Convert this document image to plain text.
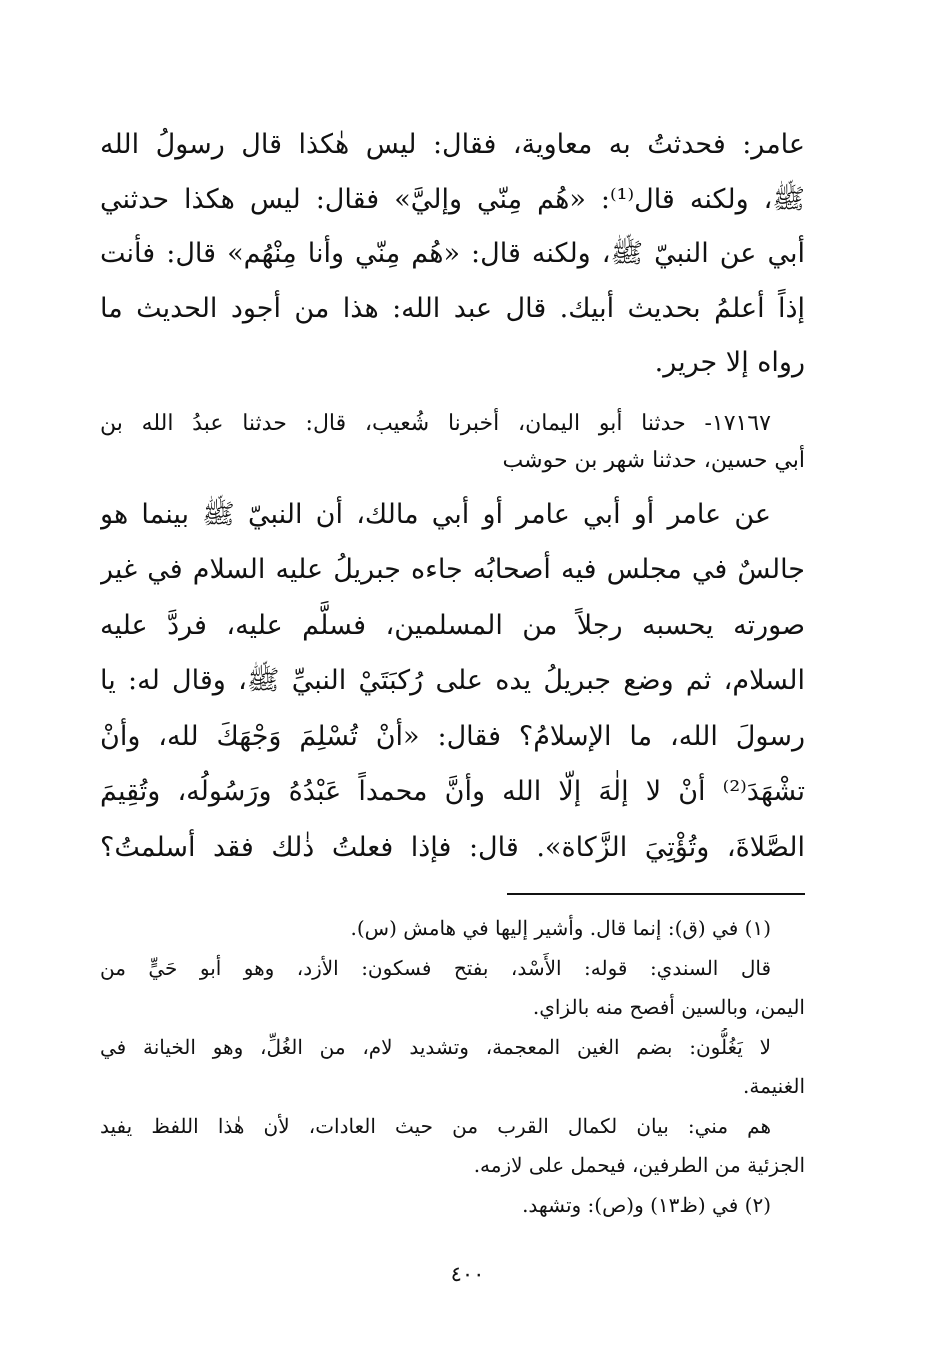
عامر: فحدثتُ به معاوية، فقال: ليس هٰكذا قال رسولُ الله
ﷺ، ولكنه قال⁽¹⁾: «هُم مِنّي وإليَّ» فقال: ليس هكذا حدثني
أبي عن النبيّ ﷺ، ولكنه قال: «هُم مِنّي وأنا مِنْهُم» قال: فأنت
إذاً أعلمُ بحديث أبيك. قال عبد الله: هذا من أجود الحديث ما
رواه إلا جرير.
١٧١٦٧- حدثنا أبو اليمان، أخبرنا شُعيب، قال: حدثنا عبدُ الله بن
أبي حسين، حدثنا شهر بن حوشب
عن عامر أو أبي عامر أو أبي مالك، أن النبيّ ﷺ بينما هو
جالسٌ في مجلس فيه أصحابُه جاءه جبريلُ عليه السلام في غير
صورته يحسبه رجلاً من المسلمين، فسلَّم عليه، فردَّ عليه
السلام، ثم وضع جبريلُ يده على رُكبَتَيْ النبيِّ ﷺ، وقال له: يا
رسولَ الله، ما الإسلامُ؟ فقال: «أنْ تُسْلِمَ وَجْهَكَ لله، وأنْ
تشْهَدَ⁽²⁾ أنْ لا إلٰهَ إلّا الله وأنَّ محمداً عَبْدُهُ ورَسُولُه، وتُقِيمَ
الصَّلاةَ، وتُؤْتِيَ الزَّكاة». قال: فإذا فعلتُ ذٰلك فقد أسلمتُ؟
(١) في (ق): إنما قال. وأشير إليها في هامش (س).
قال السندي: قوله: الأَسْد، بفتح فسكون: الأزد، وهو أبو حَيٍّ من
اليمن، وبالسين أفصح منه بالزاي.
لا يَغُلُّون: بضم الغين المعجمة، وتشديد لام، من الغُلِّ، وهو الخيانة في
الغنيمة.
هم مني: بيان لكمال القرب من حيث العادات، لأن هٰذا اللفظ يفيد
الجزئية من الطرفين، فيحمل على لازمه.
(٢) في (ظ١٣) و(ص): وتشهد.
٤٠٠
